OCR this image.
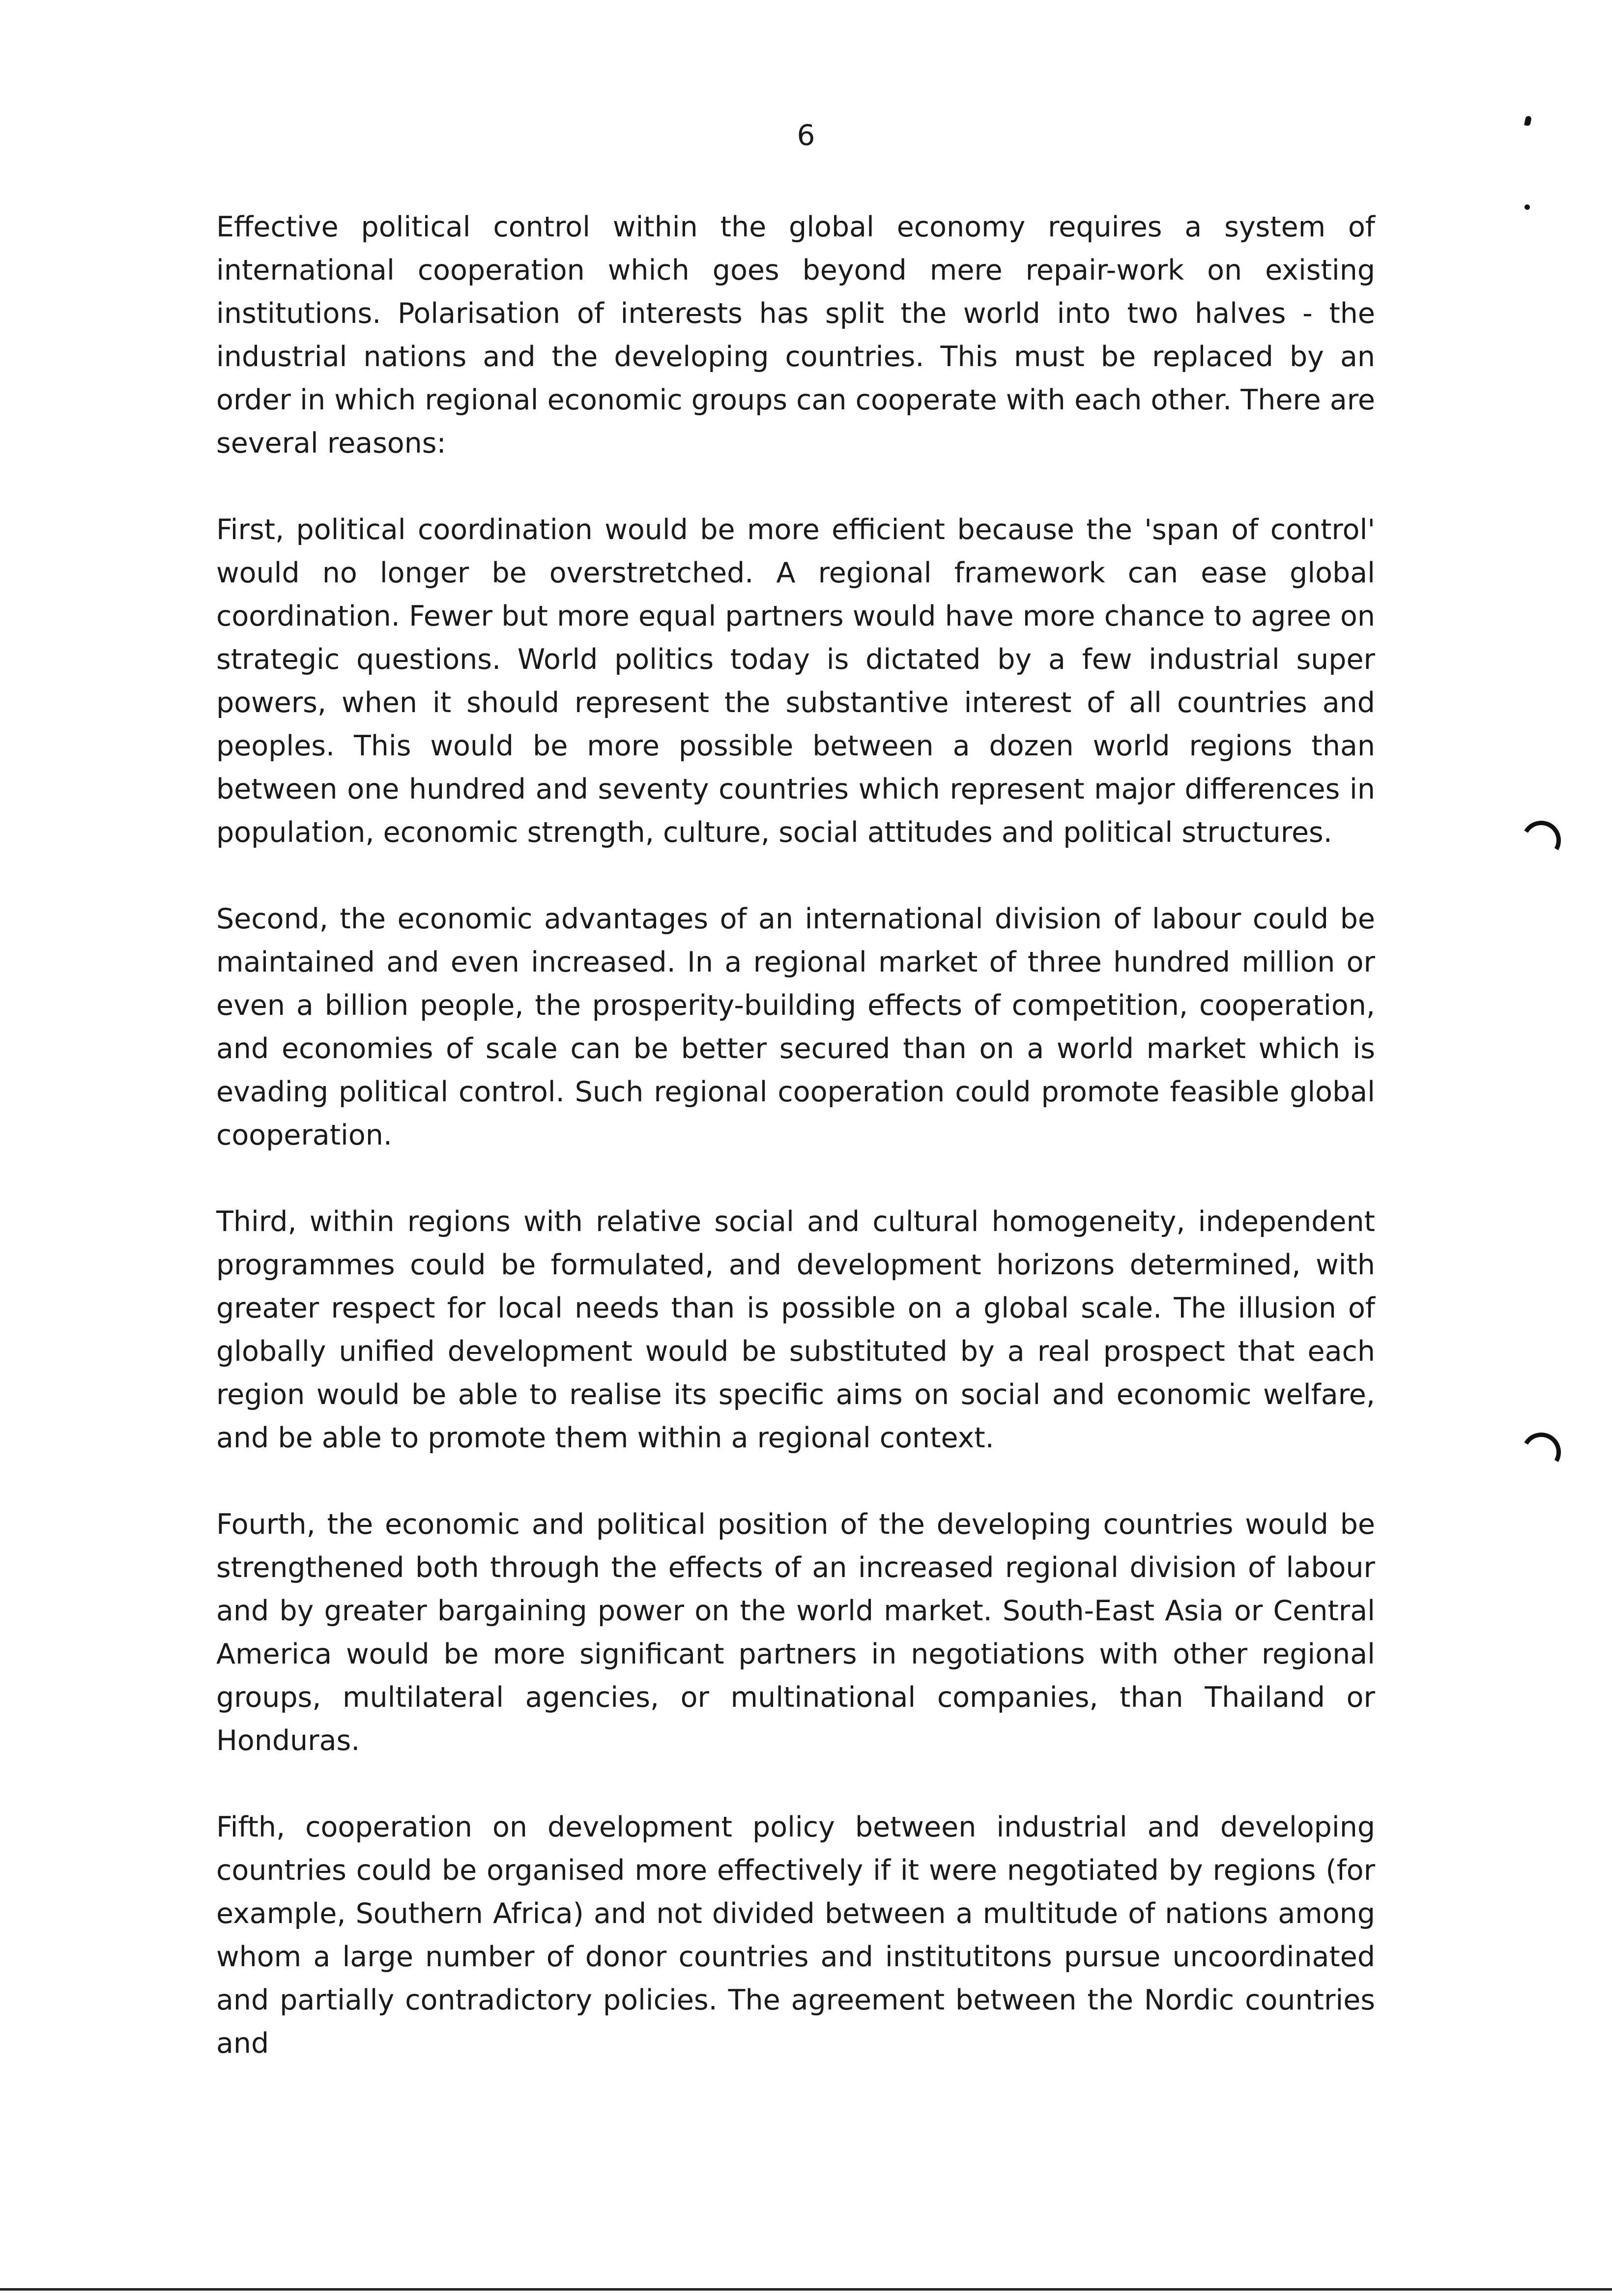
6

Effective political control within the global economy requires a system of international cooperation which goes beyond mere repair-work on existing institutions. Polarisation of interests has split the world into two halves - the industrial nations and the developing countries. This must be replaced by an order in which regional economic groups can cooperate with each other. There are several reasons:

First, political coordination would be more efficient because the 'span of control' would no longer be overstretched. A regional framework can ease global coordination. Fewer but more equal partners would have more chance to agree on strategic questions. World politics today is dictated by a few industrial super powers, when it should represent the substantive interest of all countries and peoples. This would be more possible between a dozen world regions than between one hundred and seventy countries which represent major differences in population, economic strength, culture, social attitudes and political structures.

Second, the economic advantages of an international division of labour could be maintained and even increased. In a regional market of three hundred million or even a billion people, the prosperity-building effects of competition, cooperation, and economies of scale can be better secured than on a world market which is evading political control. Such regional cooperation could promote feasible global cooperation.

Third, within regions with relative social and cultural homogeneity, independent programmes could be formulated, and development horizons determined, with greater respect for local needs than is possible on a global scale. The illusion of globally unified development would be substituted by a real prospect that each region would be able to realise its specific aims on social and economic welfare, and be able to promote them within a regional context.

Fourth, the economic and political position of the developing countries would be strengthened both through the effects of an increased regional division of labour and by greater bargaining power on the world market. South-East Asia or Central America would be more significant partners in negotiations with other regional groups, multilateral agencies, or multinational companies, than Thailand or Honduras.

Fifth, cooperation on development policy between industrial and developing countries could be organised more effectively if it were negotiated by regions (for example, Southern Africa) and not divided between a multitude of nations among whom a large number of donor countries and institutitons pursue uncoordinated and partially contradictory policies. The agreement between the Nordic countries and
